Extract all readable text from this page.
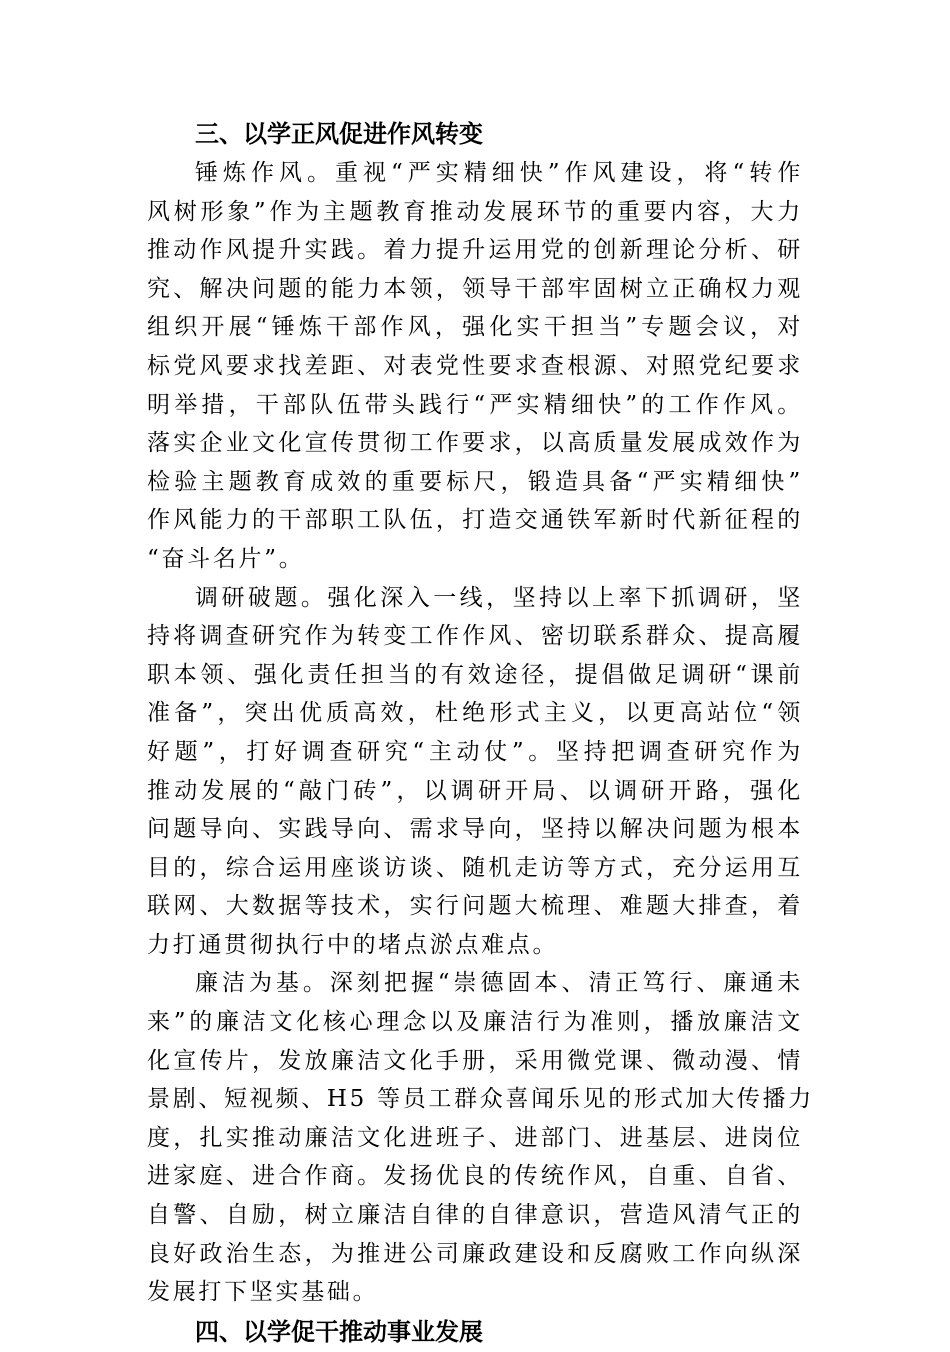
三、以学正风促进作风转变
锤炼作风。重视“严实精细快”作风建设，将“转作
风树形象”作为主题教育推动发展环节的重要内容，大力
推动作风提升实践。着力提升运用党的创新理论分析、研
究、解决问题的能力本领，领导干部牢固树立正确权力观
组织开展“锤炼干部作风，强化实干担当”专题会议，对
标党风要求找差距、对表党性要求查根源、对照党纪要求
明举措，干部队伍带头践行“严实精细快”的工作作风。
落实企业文化宣传贯彻工作要求，以高质量发展成效作为
检验主题教育成效的重要标尺，锻造具备“严实精细快”
作风能力的干部职工队伍，打造交通铁军新时代新征程的
“奋斗名片”。
调研破题。强化深入一线，坚持以上率下抓调研，坚
持将调查研究作为转变工作作风、密切联系群众、提高履
职本领、强化责任担当的有效途径，提倡做足调研“课前
准备”，突出优质高效，杜绝形式主义，以更高站位“领
好题”，打好调查研究“主动仗”。坚持把调查研究作为
推动发展的“敲门砖”，以调研开局、以调研开路，强化
问题导向、实践导向、需求导向，坚持以解决问题为根本
目的，综合运用座谈访谈、随机走访等方式，充分运用互
联网、大数据等技术，实行问题大梳理、难题大排查，着
力打通贯彻执行中的堵点淤点难点。
廉洁为基。深刻把握“崇德固本、清正笃行、廉通未
来”的廉洁文化核心理念以及廉洁行为准则，播放廉洁文
化宣传片，发放廉洁文化手册，采用微党课、微动漫、情
景剧、短视频、H5 等员工群众喜闻乐见的形式加大传播力
度，扎实推动廉洁文化进班子、进部门、进基层、进岗位
进家庭、进合作商。发扬优良的传统作风，自重、自省、
自警、自励，树立廉洁自律的自律意识，营造风清气正的
良好政治生态，为推进公司廉政建设和反腐败工作向纵深
发展打下坚实基础。
四、以学促干推动事业发展
